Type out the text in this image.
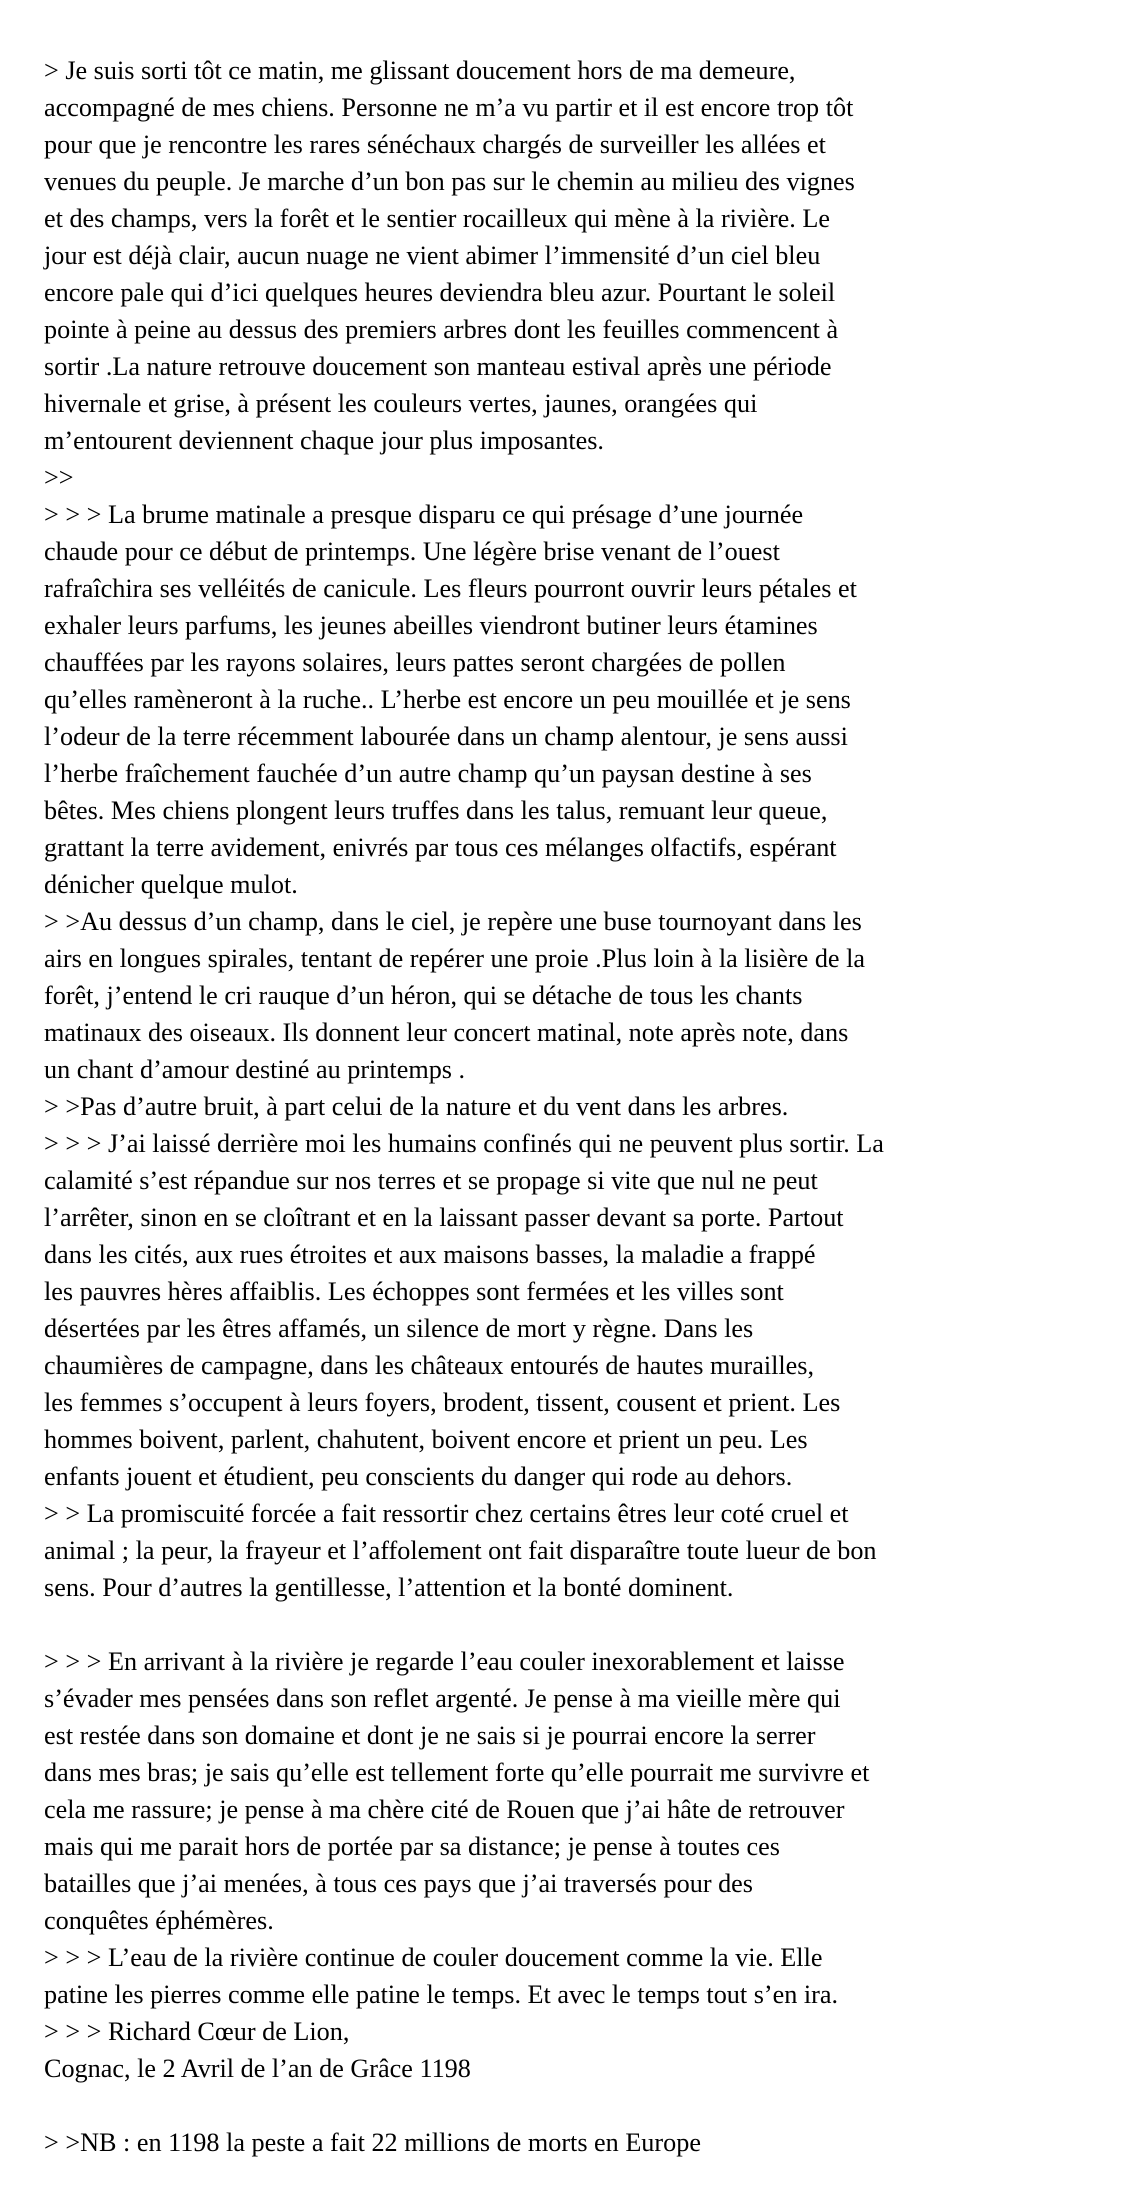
> Je suis sorti tôt ce matin, me glissant doucement hors de ma demeure,
accompagné de mes chiens. Personne ne m’a vu partir et il est encore trop tôt
pour que je rencontre les rares sénéchaux chargés de surveiller les allées et
venues du peuple. Je marche d’un bon pas sur le chemin au milieu des vignes
et des champs, vers la forêt et le sentier rocailleux qui mène à la rivière. Le
jour est déjà clair, aucun nuage ne vient abimer l’immensité d’un ciel bleu
encore pale qui d’ici quelques heures deviendra bleu azur. Pourtant le soleil
pointe à peine au dessus des premiers arbres dont les feuilles commencent à
sortir .La nature retrouve doucement son manteau estival après une période
hivernale et grise, à présent les couleurs vertes, jaunes, orangées qui
m’entourent deviennent chaque jour plus imposantes.
>>
> > > La brume matinale a presque disparu ce qui présage d’une journée
chaude pour ce début de printemps. Une légère brise venant de l’ouest
rafraîchira ses velléités de canicule. Les fleurs pourront ouvrir leurs pétales et
exhaler leurs parfums, les jeunes abeilles viendront butiner leurs étamines
chauffées par les rayons solaires, leurs pattes seront chargées de pollen
qu’elles ramèneront à la ruche.. L’herbe est encore un peu mouillée et je sens
l’odeur de la terre récemment labourée dans un champ alentour, je sens aussi
l’herbe fraîchement fauchée d’un autre champ qu’un paysan destine à ses
bêtes. Mes chiens plongent leurs truffes dans les talus, remuant leur queue,
grattant la terre avidement, enivrés par tous ces mélanges olfactifs, espérant
dénicher quelque mulot.
> >Au dessus d’un champ, dans le ciel, je repère une buse tournoyant dans les
airs en longues spirales, tentant de repérer une proie .Plus loin à la lisière de la
forêt, j’entend le cri rauque d’un héron, qui se détache de tous les chants
matinaux des oiseaux. Ils donnent leur concert matinal, note après note, dans
un chant d’amour destiné au printemps .
> >Pas d’autre bruit, à part celui de la nature et du vent dans les arbres.
> > > J’ai laissé derrière moi les humains confinés qui ne peuvent plus sortir. La
calamité s’est répandue sur nos terres et se propage si vite que nul ne peut
l’arrêter, sinon en se cloîtrant et en la laissant passer devant sa porte. Partout
dans les cités, aux rues étroites et aux maisons basses, la maladie a frappé
les pauvres hères affaiblis. Les échoppes sont fermées et les villes sont
désertées par les êtres affamés, un silence de mort y règne. Dans les
chaumières de campagne, dans les châteaux entourés de hautes murailles,
les femmes s’occupent à leurs foyers, brodent, tissent, cousent et prient. Les
hommes boivent, parlent, chahutent, boivent encore et prient un peu. Les
enfants jouent et étudient, peu conscients du danger qui rode au dehors.
> > La promiscuité forcée a fait ressortir chez certains êtres leur coté cruel et
animal ; la peur, la frayeur et l’affolement ont fait disparaître toute lueur de bon
sens. Pour d’autres la gentillesse, l’attention et la bonté dominent.
> > > En arrivant à la rivière je regarde l’eau couler inexorablement et laisse
s’évader mes pensées dans son reflet argenté. Je pense à ma vieille mère qui
est restée dans son domaine et dont je ne sais si je pourrai encore la serrer
dans mes bras; je sais qu’elle est tellement forte qu’elle pourrait me survivre et
cela me rassure; je pense à ma chère cité de Rouen que j’ai hâte de retrouver
mais qui me parait hors de portée par sa distance; je pense à toutes ces
batailles que j’ai menées, à tous ces pays que j’ai traversés pour des
conquêtes éphémères.
> > > L’eau de la rivière continue de couler doucement comme la vie. Elle
patine les pierres comme elle patine le temps. Et avec le temps tout s’en ira.
> > > Richard Cœur de Lion,
Cognac, le 2 Avril de l’an de Grâce 1198
> >NB : en 1198 la peste a fait 22 millions de morts en Europe
